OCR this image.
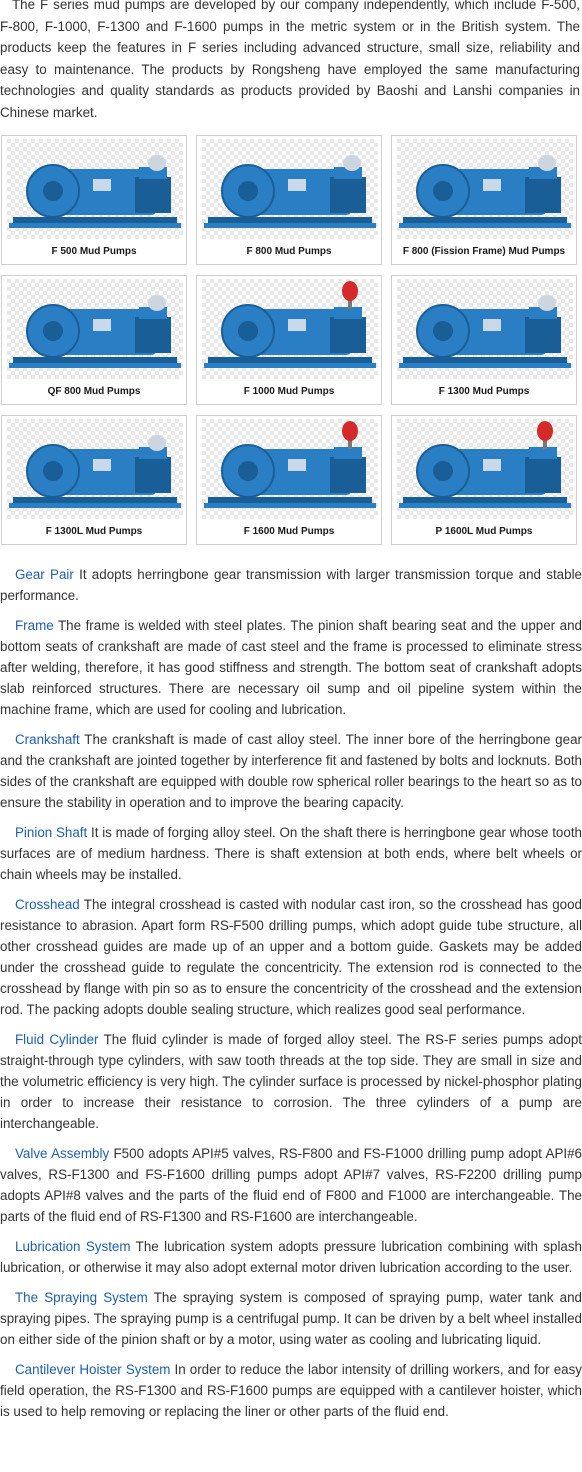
The F series mud pumps are developed by our company independently, which include F-500, F-800, F-1000, F-1300 and F-1600 pumps in the metric system or in the British system. The products keep the features in F series including advanced structure, small size, reliability and easy to maintenance. The products by Rongsheng have employed the same manufacturing technologies and quality standards as products provided by Baoshi and Lanshi companies in Chinese market.

F 500 Mud Pumps	F 800 Mud Pumps	F 800 (Fission Frame) Mud Pumps
QF 800 Mud Pumps	F 1000 Mud Pumps	F 1300 Mud Pumps
F 1300L Mud Pumps	F 1600 Mud Pumps	P 1600L Mud Pumps

Gear Pair It adopts herringbone gear transmission with larger transmission torque and stable performance.

Frame The frame is welded with steel plates. The pinion shaft bearing seat and the upper and bottom seats of crankshaft are made of cast steel and the frame is processed to eliminate stress after welding, therefore, it has good stiffness and strength. The bottom seat of crankshaft adopts slab reinforced structures. There are necessary oil sump and oil pipeline system within the machine frame, which are used for cooling and lubrication.

Crankshaft The crankshaft is made of cast alloy steel. The inner bore of the herringbone gear and the crankshaft are jointed together by interference fit and fastened by bolts and locknuts. Both sides of the crankshaft are equipped with double row spherical roller bearings to the heart so as to ensure the stability in operation and to improve the bearing capacity.

Pinion Shaft It is made of forging alloy steel. On the shaft there is herringbone gear whose tooth surfaces are of medium hardness. There is shaft extension at both ends, where belt wheels or chain wheels may be installed.

Crosshead The integral crosshead is casted with nodular cast iron, so the crosshead has good resistance to abrasion. Apart form RS-F500 drilling pumps, which adopt guide tube structure, all other crosshead guides are made up of an upper and a bottom guide. Gaskets may be added under the crosshead guide to regulate the concentricity. The extension rod is connected to the crosshead by flange with pin so as to ensure the concentricity of the crosshead and the extension rod. The packing adopts double sealing structure, which realizes good seal performance.

Fluid Cylinder The fluid cylinder is made of forged alloy steel. The RS-F series pumps adopt straight-through type cylinders, with saw tooth threads at the top side. They are small in size and the volumetric efficiency is very high. The cylinder surface is processed by nickel-phosphor plating in order to increase their resistance to corrosion. The three cylinders of a pump are interchangeable.

Valve Assembly F500 adopts API#5 valves, RS-F800 and FS-F1000 drilling pump adopt API#6 valves, RS-F1300 and FS-F1600 drilling pumps adopt API#7 valves, RS-F2200 drilling pump adopts API#8 valves and the parts of the fluid end of F800 and F1000 are interchangeable. The parts of the fluid end of RS-F1300 and RS-F1600 are interchangeable.

Lubrication System The lubrication system adopts pressure lubrication combining with splash lubrication, or otherwise it may also adopt external motor driven lubrication according to the user.

The Spraying System The spraying system is composed of spraying pump, water tank and spraying pipes. The spraying pump is a centrifugal pump. It can be driven by a belt wheel installed on either side of the pinion shaft or by a motor, using water as cooling and lubricating liquid.

Cantilever Hoister System In order to reduce the labor intensity of drilling workers, and for easy field operation, the RS-F1300 and RS-F1600 pumps are equipped with a cantilever hoister, which is used to help removing or replacing the liner or other parts of the fluid end.
